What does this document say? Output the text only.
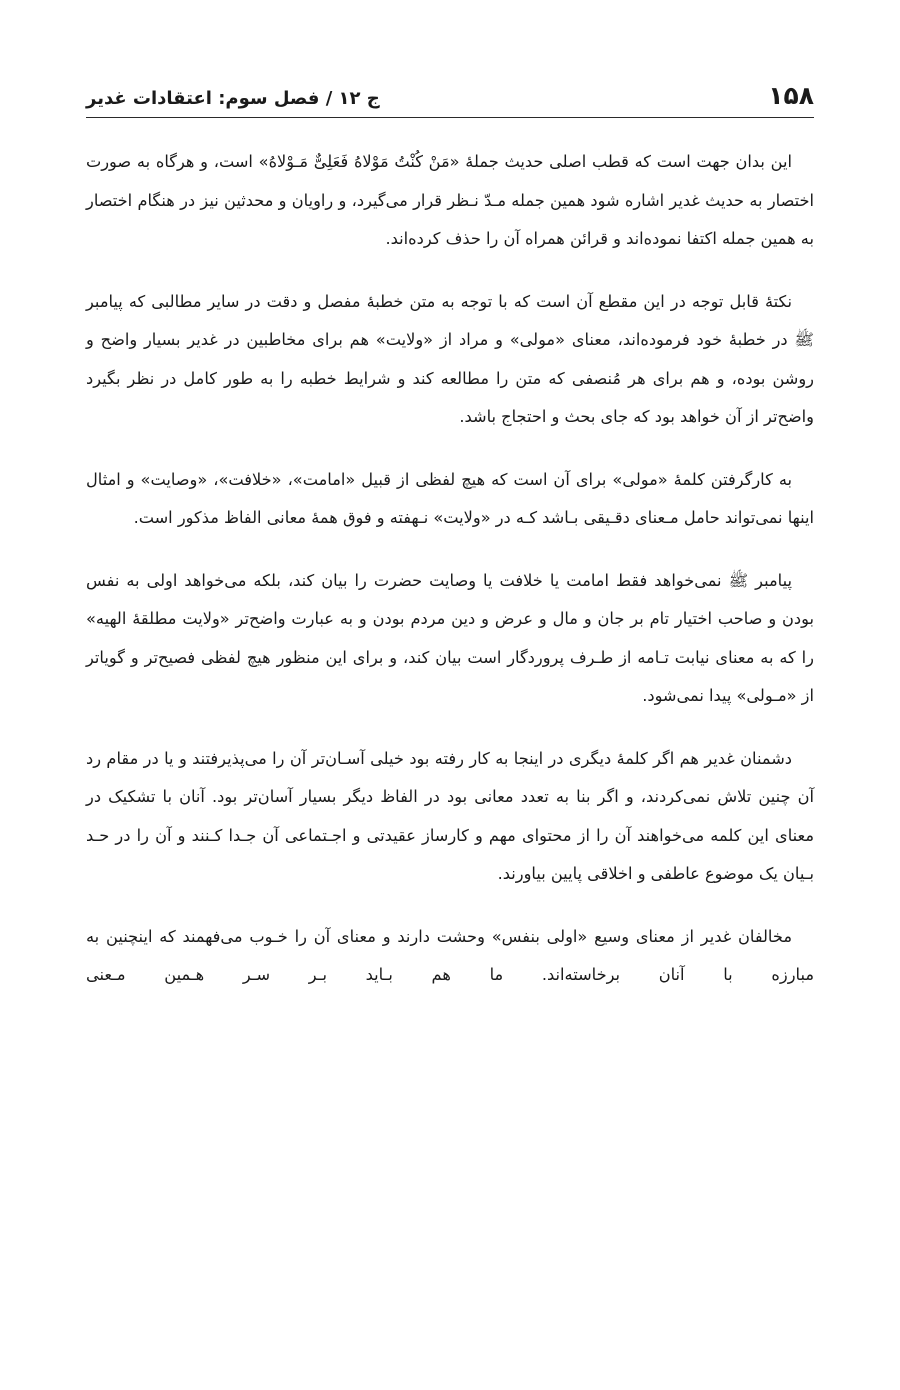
۱۵۸
ج ۱۲ / فصل سوم: اعتقادات غدیر

این بدان جهت است که قطب اصلی حدیث جملهٔ «مَنْ کُنْتُ مَوْلاهُ فَعَلِیٌّ مَـوْلاهُ» است، و هرگاه به صورت اختصار به حدیث غدیر اشاره شود همین جمله مـدّ نـظر قرار می‌گیرد، و راویان و محدثین نیز در هنگام اختصار به همین جمله اکتفا نموده‌اند و قرائن همراه آن را حذف کرده‌اند.

نکتهٔ قابل توجه در این مقطع آن است که با توجه به متن خطبهٔ مفصل و دقت در سایر مطالبی که پیامبر ﷺ در خطبهٔ خود فرموده‌اند، معنای «مولی» و مراد از «ولایت» هم برای مخاطبین در غدیر بسیار واضح و روشن بوده، و هم برای هر مُنصفی که متن را مطالعه کند و شرایط خطبه را به طور کامل در نظر بگیرد واضح‌تر از آن خواهد بود که جای بحث و احتجاج باشد.

به کارگرفتن کلمهٔ «مولی» برای آن است که هیچ لفظی از قبیل «امامت»، «خلافت»، «وصایت» و امثال اینها نمی‌تواند حامل مـعنای دقـیقی بـاشد کـه در «ولایت» نـهفته و فوق همهٔ معانی الفاظ مذکور است.

پیامبر ﷺ نمی‌خواهد فقط امامت یا خلافت یا وصایت حضرت را بیان کند، بلکه می‌خواهد اولی به نفس بودن و صاحب اختیار تام بر جان و مال و عرض و دین مردم بودن و به عبارت واضح‌تر «ولایت مطلقهٔ الهیه» را که به معنای نیابت تـامه از طـرف پروردگار است بیان کند، و برای این منظور هیچ لفظی فصیح‌تر و گویاتر از «مـولی» پیدا نمی‌شود.

دشمنان غدیر هم اگر کلمهٔ دیگری در اینجا به کار رفته بود خیلی آسـان‌تر آن را می‌پذیرفتند و یا در مقام رد آن چنین تلاش نمی‌کردند، و اگر بنا به تعدد معانی بود در الفاظ دیگر بسیار آسان‌تر بود. آنان با تشکیک در معنای این کلمه می‌خواهند آن را از محتوای مهم و کارساز عقیدتی و اجـتماعی آن جـدا کـنند و آن را در حـد بـیان یک موضوع عاطفی و اخلاقی پایین بیاورند.

مخالفان غدیر از معنای وسیع «اولی بنفس» وحشت دارند و معنای آن را خـوب می‌فهمند که اینچنین به مبارزه با آنان برخاسته‌اند. ما هم بـاید بـر سـر هـمین مـعنی
